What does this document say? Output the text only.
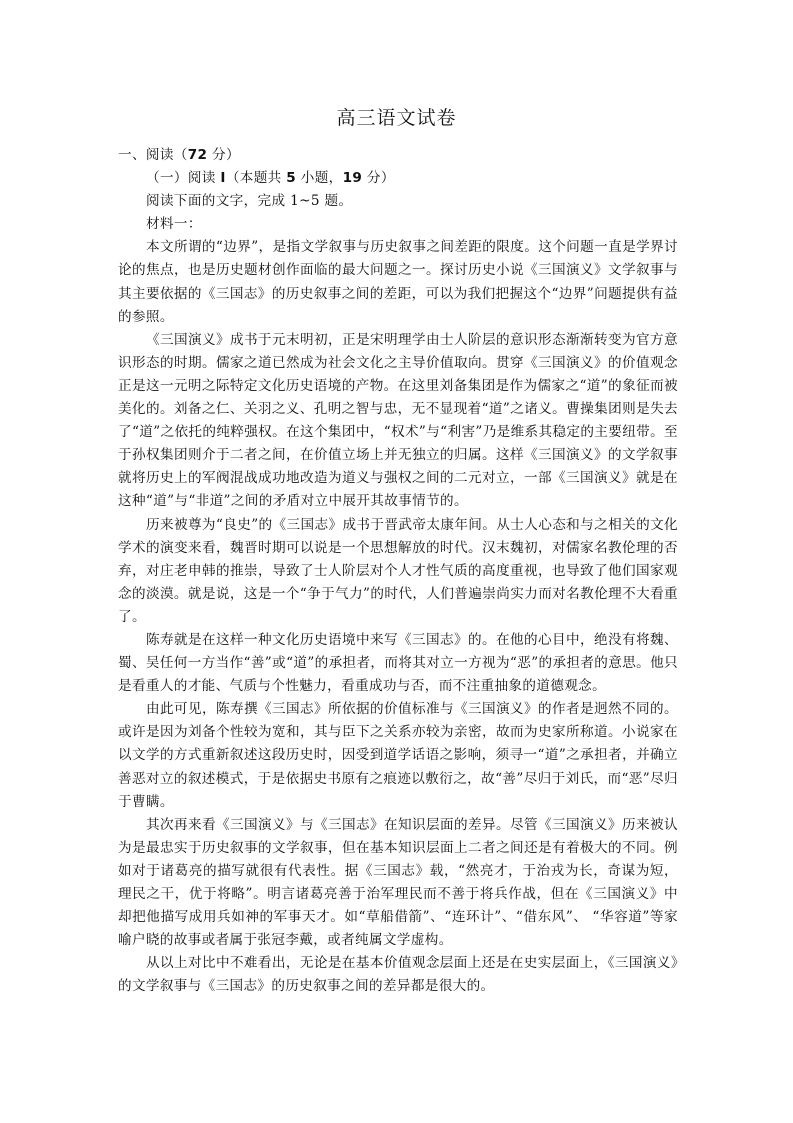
高三语文试卷

一、阅读（72 分）

（一）阅读 I（本题共 5 小题，19 分）

阅读下面的文字，完成 1~5 题。

材料一：

本文所谓的“边界”，是指文学叙事与历史叙事之间差距的限度。这个问题一直是学界讨论的焦点，也是历史题材创作面临的最大问题之一。探讨历史小说《三国演义》文学叙事与其主要依据的《三国志》的历史叙事之间的差距，可以为我们把握这个“边界”问题提供有益的参照。

《三国演义》成书于元末明初，正是宋明理学由士人阶层的意识形态渐渐转变为官方意识形态的时期。儒家之道已然成为社会文化之主导价值取向。贯穿《三国演义》的价值观念正是这一元明之际特定文化历史语境的产物。在这里刘备集团是作为儒家之“道”的象征而被美化的。刘备之仁、关羽之义、孔明之智与忠，无不显现着“道”之诸义。曹操集团则是失去了“道”之依托的纯粹强权。在这个集团中，“权术”与“利害”乃是维系其稳定的主要纽带。至于孙权集团则介于二者之间，在价值立场上并无独立的归属。这样《三国演义》的文学叙事就将历史上的军阀混战成功地改造为道义与强权之间的二元对立，一部《三国演义》就是在这种“道”与“非道”之间的矛盾对立中展开其故事情节的。

历来被尊为“良史”的《三国志》成书于晋武帝太康年间。从士人心态和与之相关的文化学术的演变来看，魏晋时期可以说是一个思想解放的时代。汉末魏初，对儒家名教伦理的否弃，对庄老申韩的推崇，导致了士人阶层对个人才性气质的高度重视，也导致了他们国家观念的淡漠。就是说，这是一个“争于气力”的时代，人们普遍崇尚实力而对名教伦理不大看重了。

陈寿就是在这样一种文化历史语境中来写《三国志》的。在他的心目中，绝没有将魏、蜀、吴任何一方当作“善”或“道”的承担者，而将其对立一方视为“恶”的承担者的意思。他只是看重人的才能、气质与个性魅力，看重成功与否，而不注重抽象的道德观念。

由此可见，陈寿撰《三国志》所依据的价值标准与《三国演义》的作者是迥然不同的。或许是因为刘备个性较为宽和，其与臣下之关系亦较为亲密，故而为史家所称道。小说家在以文学的方式重新叙述这段历史时，因受到道学话语之影响，须寻一“道”之承担者，并确立善恶对立的叙述模式，于是依据史书原有之痕迹以敷衍之，故“善”尽归于刘氏，而“恶”尽归于曹瞒。

其次再来看《三国演义》与《三国志》在知识层面的差异。尽管《三国演义》历来被认为是最忠实于历史叙事的文学叙事，但在基本知识层面上二者之间还是有着极大的不同。例如对于诸葛亮的描写就很有代表性。据《三国志》载，“然亮才，于治戎为长，奇谋为短，理民之干，优于将略”。明言诸葛亮善于治军理民而不善于将兵作战，但在《三国演义》中却把他描写成用兵如神的军事天才。如“草船借箭”、“连环计”、“借东风”、 “华容道”等家喻户晓的故事或者属于张冠李戴，或者纯属文学虚构。

从以上对比中不难看出，无论是在基本价值观念层面上还是在史实层面上，《三国演义》的文学叙事与《三国志》的历史叙事之间的差异都是很大的。
